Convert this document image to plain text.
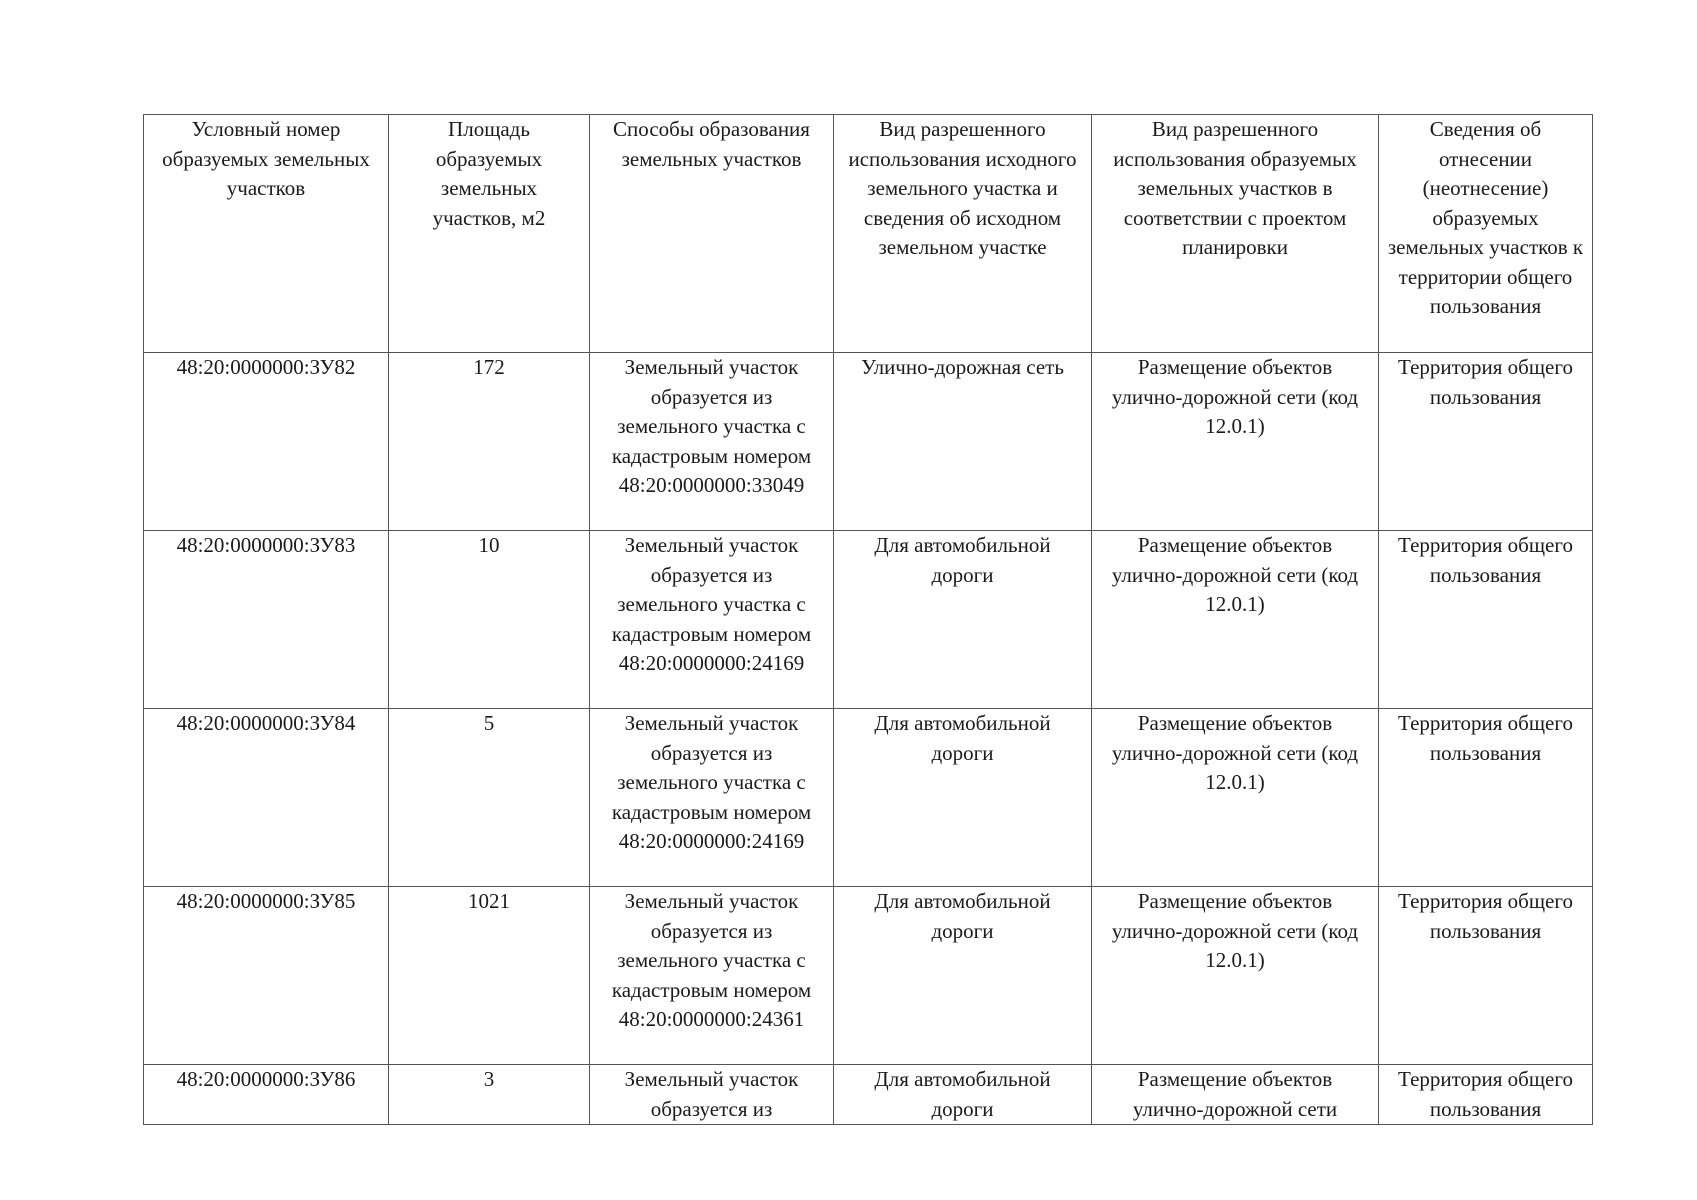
Условный номер образуемых земельных участков	Площадь образуемых земельных участков, м2	Способы образования земельных участков	Вид разрешенного использования исходного земельного участка и сведения об исходном земельном участке	Вид разрешенного использования образуемых земельных участков в соответствии с проектом планировки	Сведения об отнесении (неотнесение) образуемых земельных участков к территории общего пользования
48:20:0000000:ЗУ82	172	Земельный участок образуется из земельного участка с кадастровым номером 48:20:0000000:33049	Улично-дорожная сеть	Размещение объектов улично-дорожной сети (код 12.0.1)	Территория общего пользования
48:20:0000000:ЗУ83	10	Земельный участок образуется из земельного участка с кадастровым номером 48:20:0000000:24169	Для автомобильной дороги	Размещение объектов улично-дорожной сети (код 12.0.1)	Территория общего пользования
48:20:0000000:ЗУ84	5	Земельный участок образуется из земельного участка с кадастровым номером 48:20:0000000:24169	Для автомобильной дороги	Размещение объектов улично-дорожной сети (код 12.0.1)	Территория общего пользования
48:20:0000000:ЗУ85	1021	Земельный участок образуется из земельного участка с кадастровым номером 48:20:0000000:24361	Для автомобильной дороги	Размещение объектов улично-дорожной сети (код 12.0.1)	Территория общего пользования
48:20:0000000:ЗУ86	3	Земельный участок образуется из	Для автомобильной дороги	Размещение объектов улично-дорожной сети	Территория общего пользования
